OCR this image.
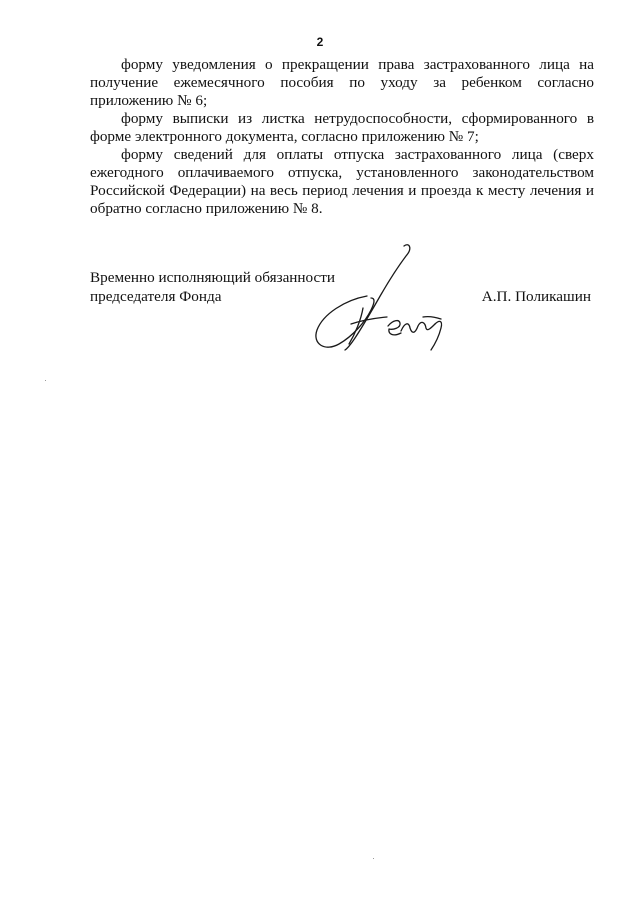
2

форму уведомления о прекращении права застрахованного лица на получение ежемесячного пособия по уходу за ребенком согласно приложению № 6;

форму выписки из листка нетрудоспособности, сформированного в форме электронного документа, согласно приложению № 7;

форму сведений для оплаты отпуска застрахованного лица (сверх ежегодного оплачиваемого отпуска, установленного законодательством Российской Федерации) на весь период лечения и проезда к месту лечения и обратно согласно приложению № 8.

Временно исполняющий обязанности
председателя Фонда	А.П. Поликашин
